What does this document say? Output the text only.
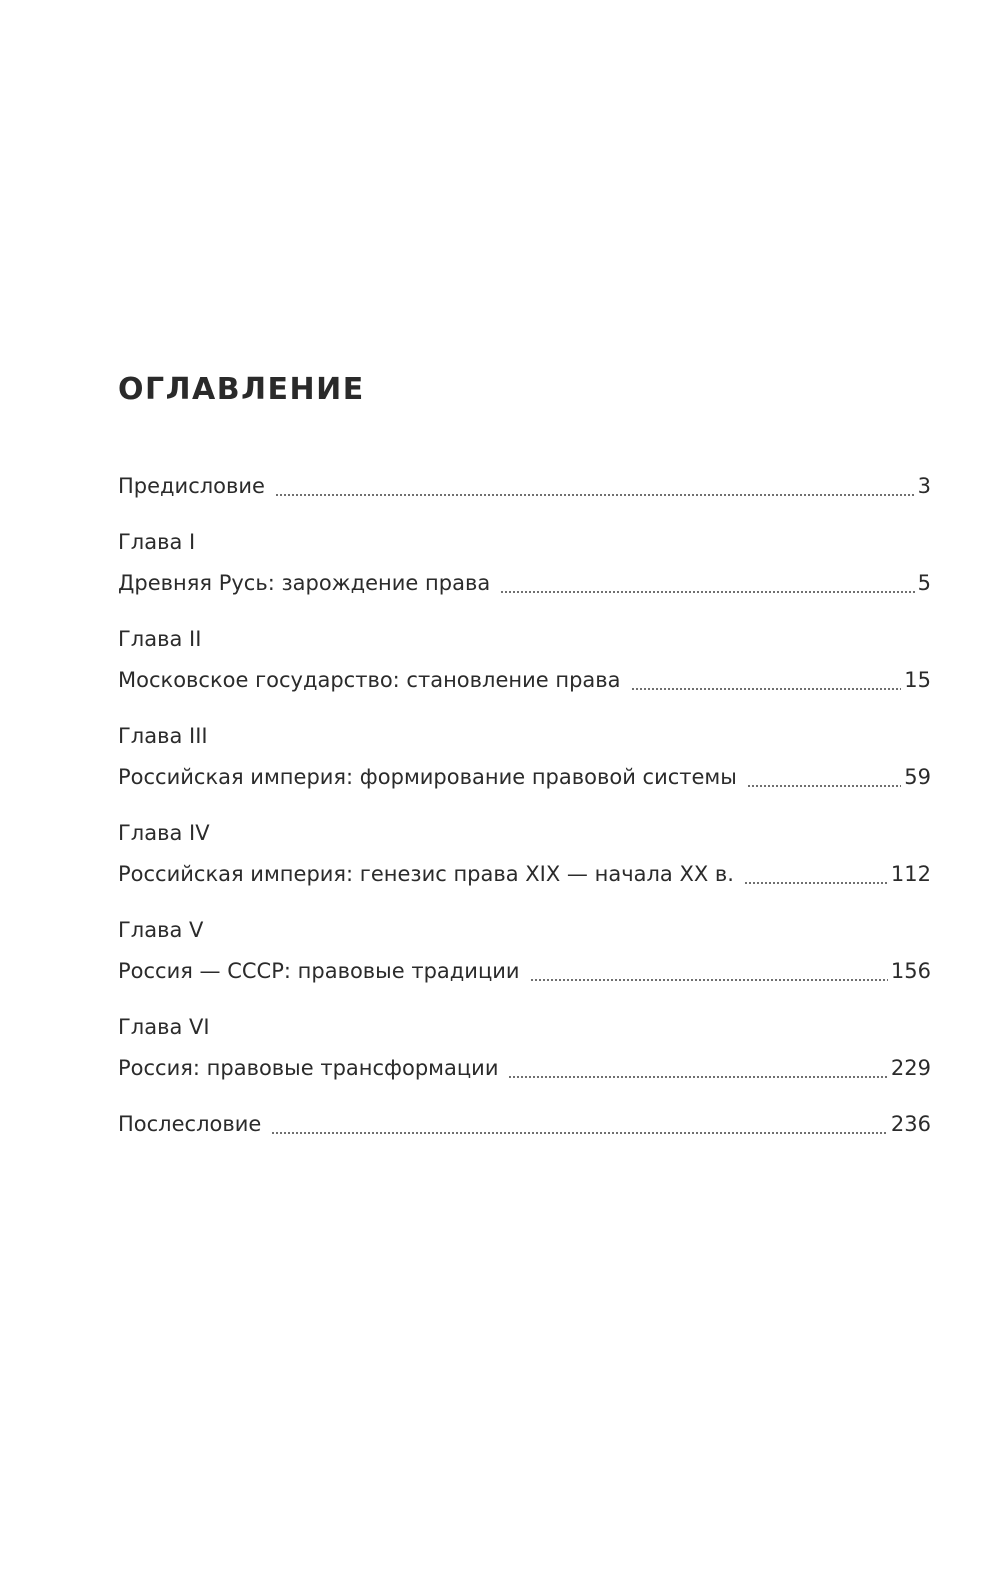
ОГЛАВЛЕНИЕ
Предисловие	3
Глава I
Древняя Русь: зарождение права	5
Глава II
Московское государство: становление права	15
Глава III
Российская империя: формирование правовой системы	59
Глава IV
Российская империя: генезис права XIX — начала XX в.	112
Глава V
Россия — СССР: правовые традиции	156
Глава VI
Россия: правовые трансформации	229
Послесловие	236
